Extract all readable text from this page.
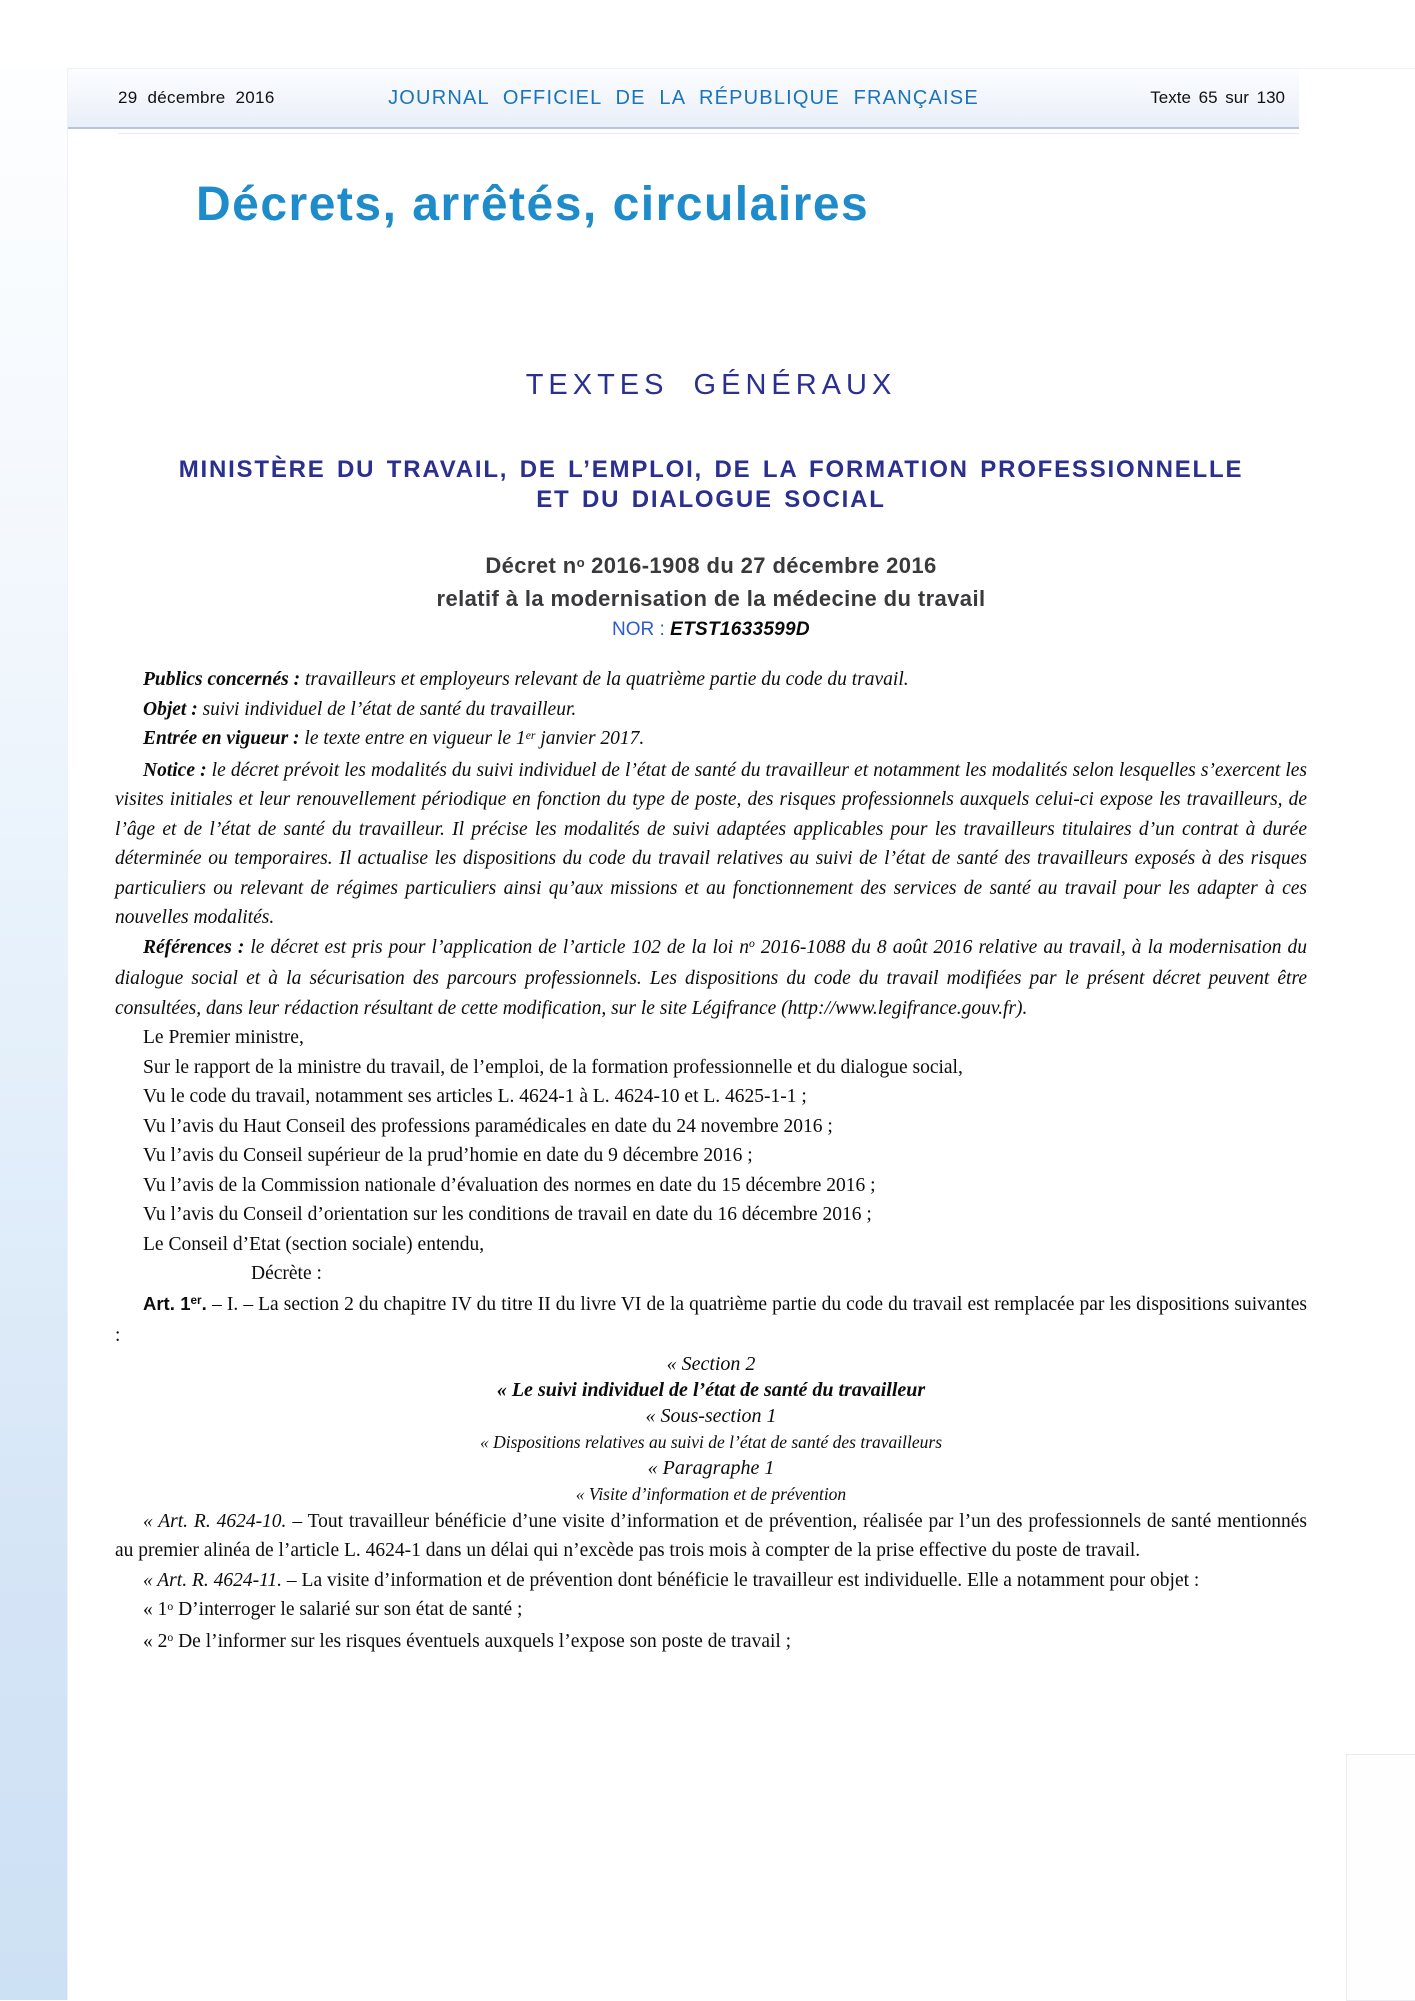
29 décembre 2016	JOURNAL OFFICIEL DE LA RÉPUBLIQUE FRANÇAISE	Texte 65 sur 130
Décrets, arrêtés, circulaires
TEXTES GÉNÉRAUX
MINISTÈRE DU TRAVAIL, DE L’EMPLOI, DE LA FORMATION PROFESSIONNELLE
ET DU DIALOGUE SOCIAL
Décret $n^o$ 2016-1908 du 27 décembre 2016
relatif à la modernisation de la médecine du travail
NOR : ETST1633599D

Publics concernés : travailleurs et employeurs relevant de la quatrième partie du code du travail.

Objet : suivi individuel de l’état de santé du travailleur.

Entrée en vigueur : le texte entre en vigueur le 1er janvier 2017.

Notice : le décret prévoit les modalités du suivi individuel de l’état de santé du travailleur et notamment les modalités selon lesquelles s’exercent les visites initiales et leur renouvellement périodique en fonction du type de poste, des risques professionnels auxquels celui-ci expose les travailleurs, de l’âge et de l’état de santé du travailleur. Il précise les modalités de suivi adaptées applicables pour les travailleurs titulaires d’un contrat à durée déterminée ou temporaires. Il actualise les dispositions du code du travail relatives au suivi de l’état de santé des travailleurs exposés à des risques particuliers ou relevant de régimes particuliers ainsi qu’aux missions et au fonctionnement des services de santé au travail pour les adapter à ces nouvelles modalités.

Références : le décret est pris pour l’application de l’article 102 de la loi $n^o$ 2016-1088 du 8 août 2016 relative au travail, à la modernisation du dialogue social et à la sécurisation des parcours professionnels. Les dispositions du code du travail modifiées par le présent décret peuvent être consultées, dans leur rédaction résultant de cette modification, sur le site Légifrance (http://www.legifrance.gouv.fr).

Le Premier ministre,

Sur le rapport de la ministre du travail, de l’emploi, de la formation professionnelle et du dialogue social,

Vu le code du travail, notamment ses articles L. 4624-1 à L. 4624-10 et L. 4625-1-1 ;

Vu l’avis du Haut Conseil des professions paramédicales en date du 24 novembre 2016 ;

Vu l’avis du Conseil supérieur de la prud’homie en date du 9 décembre 2016 ;

Vu l’avis de la Commission nationale d’évaluation des normes en date du 15 décembre 2016 ;

Vu l’avis du Conseil d’orientation sur les conditions de travail en date du 16 décembre 2016 ;

Le Conseil d’Etat (section sociale) entendu,

Décrète :

Art. 1er. – I. – La section 2 du chapitre IV du titre II du livre VI de la quatrième partie du code du travail est remplacée par les dispositions suivantes :

« Section 2

« Le suivi individuel de l’état de santé du travailleur

« Sous-section 1

« Dispositions relatives au suivi de l’état de santé des travailleurs

« Paragraphe 1

« Visite d’information et de prévention

« Art. R. 4624-10. – Tout travailleur bénéficie d’une visite d’information et de prévention, réalisée par l’un des professionnels de santé mentionnés au premier alinéa de l’article L. 4624-1 dans un délai qui n’excède pas trois mois à compter de la prise effective du poste de travail.

« Art. R. 4624-11. – La visite d’information et de prévention dont bénéficie le travailleur est individuelle. Elle a notamment pour objet :

« 1$^o$ D’interroger le salarié sur son état de santé ;

« 2$^o$ De l’informer sur les risques éventuels auxquels l’expose son poste de travail ;
